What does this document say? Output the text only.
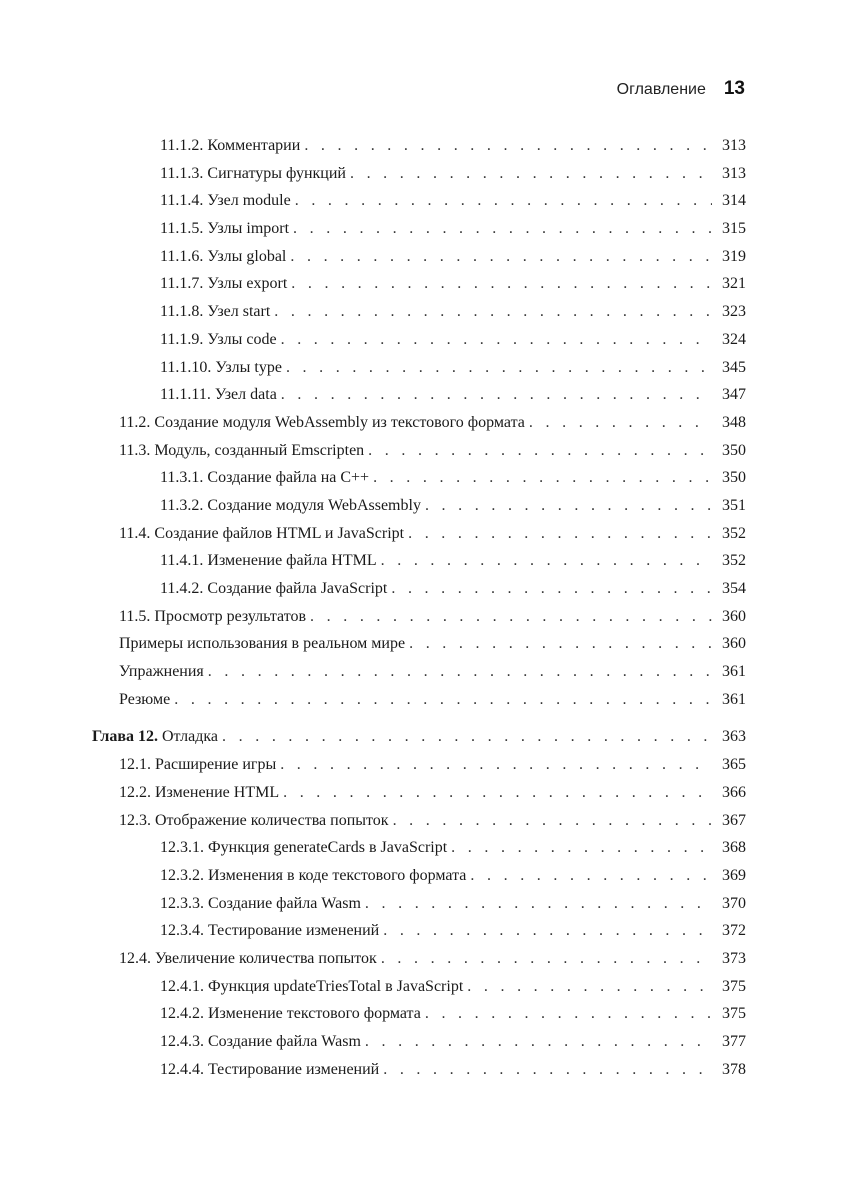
Оглавление 13
11.1.2. Комментарии . . .	313
11.1.3. Сигнатуры функций . . .	313
11.1.4. Узел module . . .	314
11.1.5. Узлы import . . .	315
11.1.6. Узлы global . . .	319
11.1.7. Узлы export . . .	321
11.1.8. Узел start . . .	323
11.1.9. Узлы code . . .	324
11.1.10. Узлы type . . .	345
11.1.11. Узел data . . .	347
11.2. Создание модуля WebAssembly из текстового формата . . .	348
11.3. Модуль, созданный Emscripten . . .	350
11.3.1. Создание файла на C++ . . .	350
11.3.2. Создание модуля WebAssembly . . .	351
11.4. Создание файлов HTML и JavaScript . . .	352
11.4.1. Изменение файла HTML . . .	352
11.4.2. Создание файла JavaScript . . .	354
11.5. Просмотр результатов . . .	360
Примеры использования в реальном мире . . .	360
Упражнения . . .	361
Резюме . . .	361
Глава 12. Отладка . . .	363
12.1. Расширение игры . . .	365
12.2. Изменение HTML . . .	366
12.3. Отображение количества попыток . . .	367
12.3.1. Функция generateCards в JavaScript . . .	368
12.3.2. Изменения в коде текстового формата . . .	369
12.3.3. Создание файла Wasm . . .	370
12.3.4. Тестирование изменений . . .	372
12.4. Увеличение количества попыток . . .	373
12.4.1. Функция updateTriesTotal в JavaScript . . .	375
12.4.2. Изменение текстового формата . . .	375
12.4.3. Создание файла Wasm . . .	377
12.4.4. Тестирование изменений . . .	378
